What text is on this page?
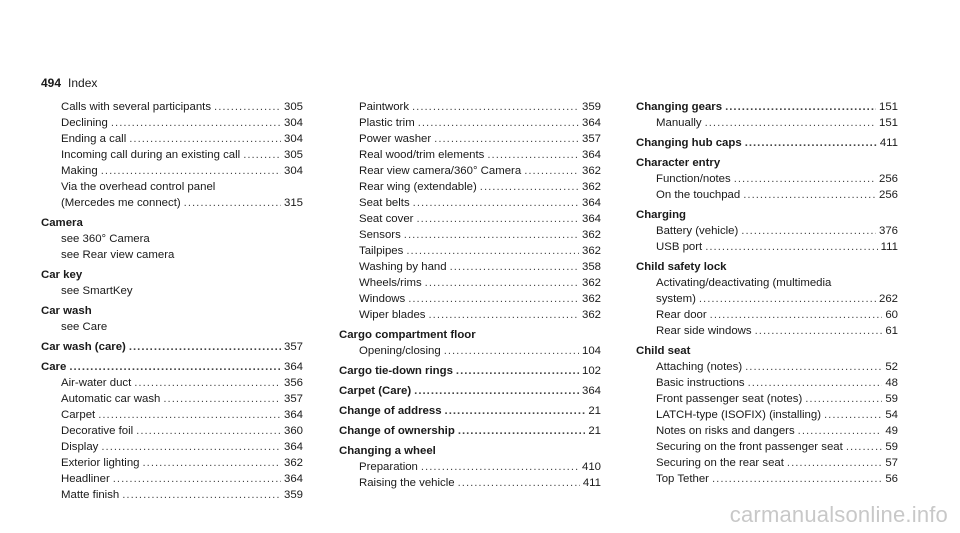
494 Index
Calls with several participants .....	305
Declining .....	304
Ending a call .....	304
Incoming call during an existing call .....	305
Making .....	304
Via the overhead control panel
(Mercedes me connect) .....	315
Camera
see 360° Camera
see Rear view camera
Car key
see SmartKey
Car wash
see Care
Car wash (care) .....	357
Care .....	364
Air-water duct .....	356
Automatic car wash .....	357
Carpet .....	364
Decorative foil .....	360
Display .....	364
Exterior lighting .....	362
Headliner .....	364
Matte finish .....	359
Paintwork .....	359
Plastic trim .....	364
Power washer .....	357
Real wood/trim elements .....	364
Rear view camera/360° Camera .....	362
Rear wing (extendable) .....	362
Seat belts .....	364
Seat cover .....	364
Sensors .....	362
Tailpipes .....	362
Washing by hand .....	358
Wheels/rims .....	362
Windows .....	362
Wiper blades .....	362
Cargo compartment floor
Opening/closing .....	104
Cargo tie-down rings .....	102
Carpet (Care) .....	364
Change of address .....	21
Change of ownership .....	21
Changing a wheel
Preparation .....	410
Raising the vehicle .....	411
Changing gears .....	151
Manually .....	151
Changing hub caps .....	411
Character entry
Function/notes .....	256
On the touchpad .....	256
Charging
Battery (vehicle) .....	376
USB port .....	111
Child safety lock
Activating/deactivating (multimedia
system) .....	262
Rear door .....	60
Rear side windows .....	61
Child seat
Attaching (notes) .....	52
Basic instructions .....	48
Front passenger seat (notes) .....	59
LATCH-type (ISOFIX) (installing) .....	54
Notes on risks and dangers .....	49
Securing on the front passenger seat .....	59
Securing on the rear seat .....	57
Top Tether .....	56
carmanualsonline.info
